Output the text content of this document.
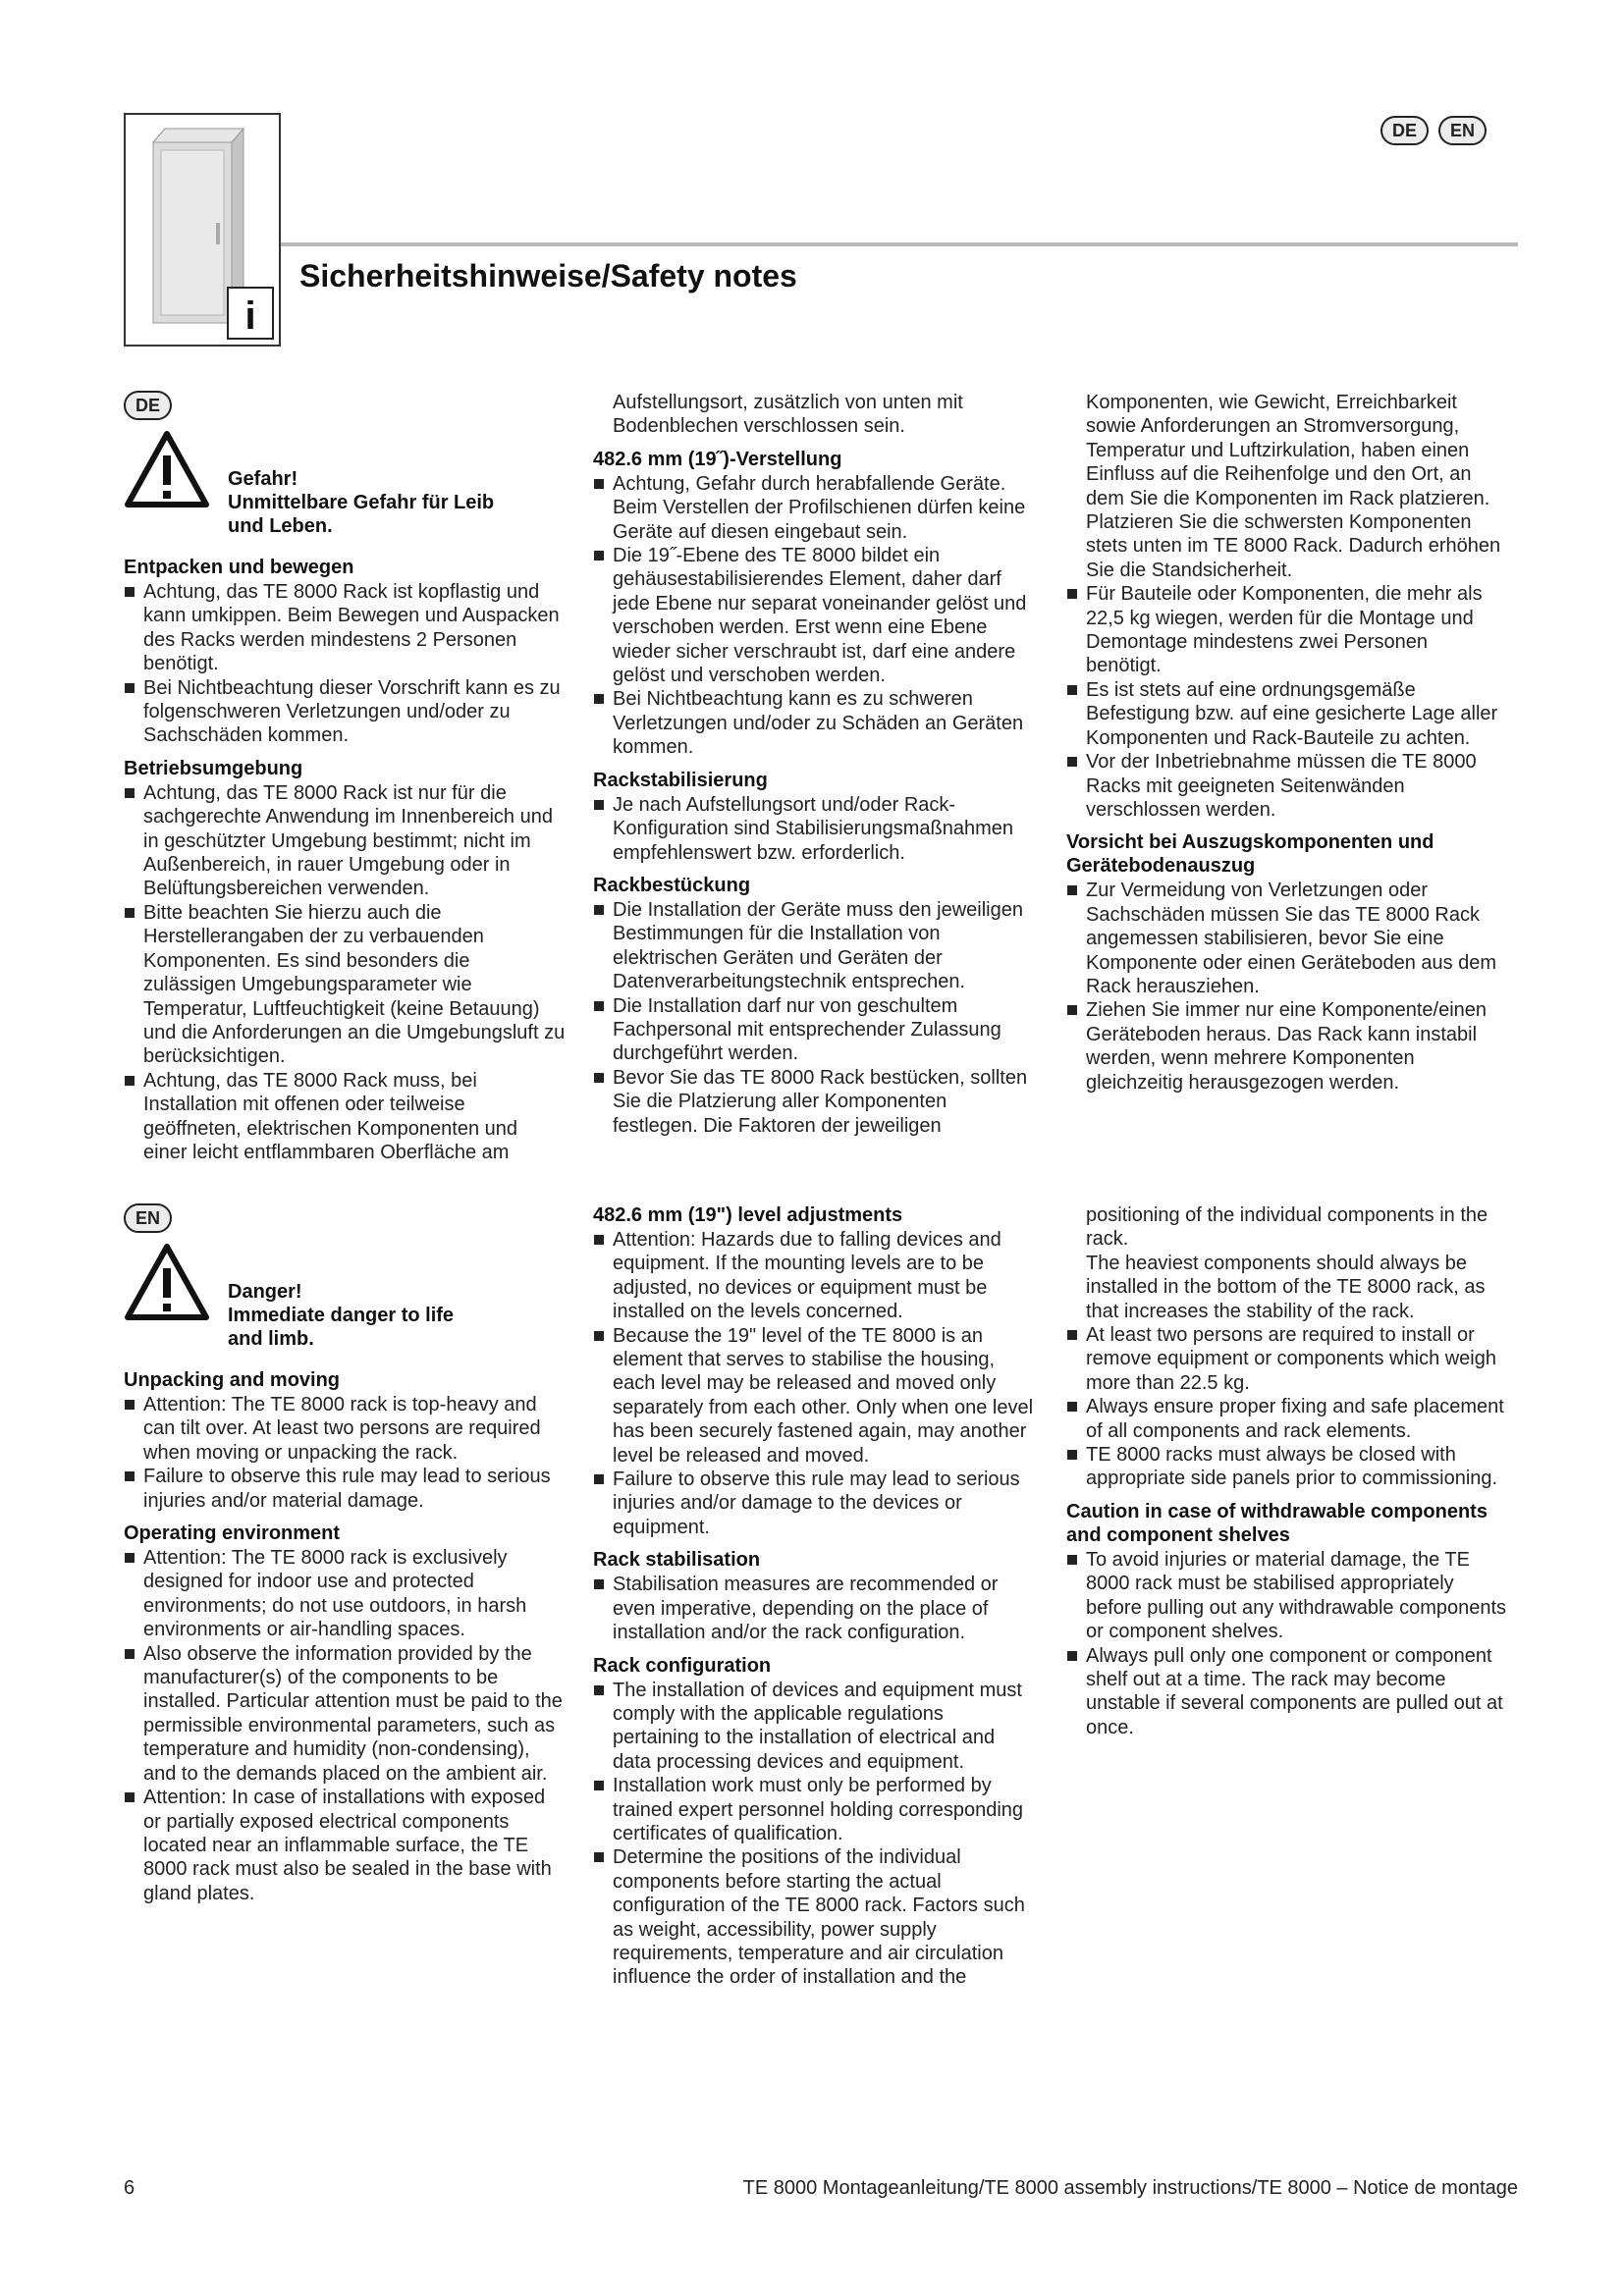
DE	EN
i
Sicherheitshinweise/Safety notes
DE
Gefahr!
Unmittelbare Gefahr für Leib
und Leben.
Entpacken und bewegen
Achtung, das TE 8000 Rack ist kopflastig und kann umkippen. Beim Bewegen und Auspacken des Racks werden mindestens 2 Personen benötigt.
Bei Nichtbeachtung dieser Vorschrift kann es zu folgenschweren Verletzungen und/oder zu Sachschäden kommen.
Betriebsumgebung
Achtung, das TE 8000 Rack ist nur für die sachgerechte Anwendung im Innenbereich und in geschützter Umgebung bestimmt; nicht im Außenbereich, in rauer Umgebung oder in Belüftungsbereichen verwenden.
Bitte beachten Sie hierzu auch die Herstellerangaben der zu verbauenden Komponenten. Es sind besonders die zulässigen Umgebungsparameter wie Temperatur, Luftfeuchtigkeit (keine Betauung) und die Anforderungen an die Umgebungsluft zu berücksichtigen.
Achtung, das TE 8000 Rack muss, bei Installation mit offenen oder teilweise geöffneten, elektrischen Komponenten und einer leicht entflammbaren Oberfläche am

Aufstellungsort, zusätzlich von unten mit Bodenblechen verschlossen sein.

482.6 mm (19˝)-Verstellung
Achtung, Gefahr durch herabfallende Geräte. Beim Verstellen der Profilschienen dürfen keine Geräte auf diesen eingebaut sein.
Die 19˝-Ebene des TE 8000 bildet ein gehäusestabilisierendes Element, daher darf jede Ebene nur separat voneinander gelöst und verschoben werden. Erst wenn eine Ebene wieder sicher verschraubt ist, darf eine andere gelöst und verschoben werden.
Bei Nichtbeachtung kann es zu schweren Verletzungen und/oder zu Schäden an Geräten kommen.
Rackstabilisierung
Je nach Aufstellungsort und/oder Rack-Konfiguration sind Stabilisierungsmaßnahmen empfehlenswert bzw. erforderlich.
Rackbestückung
Die Installation der Geräte muss den jeweiligen Bestimmungen für die Installation von elektrischen Geräten und Geräten der Datenverarbeitungstechnik entsprechen.
Die Installation darf nur von geschultem Fachpersonal mit entsprechender Zulassung durchgeführt werden.
Bevor Sie das TE 8000 Rack bestücken, sollten Sie die Platzierung aller Komponenten festlegen. Die Faktoren der jeweiligen

Komponenten, wie Gewicht, Erreichbarkeit sowie Anforderungen an Stromversorgung, Temperatur und Luftzirkulation, haben einen Einfluss auf die Reihenfolge und den Ort, an dem Sie die Komponenten im Rack platzieren.

Platzieren Sie die schwersten Komponenten stets unten im TE 8000 Rack. Dadurch erhöhen Sie die Standsicherheit.

Für Bauteile oder Komponenten, die mehr als 22,5 kg wiegen, werden für die Montage und Demontage mindestens zwei Personen benötigt.
Es ist stets auf eine ordnungsgemäße Befestigung bzw. auf eine gesicherte Lage aller Komponenten und Rack-Bauteile zu achten.
Vor der Inbetriebnahme müssen die TE 8000 Racks mit geeigneten Seitenwänden verschlossen werden.
Vorsicht bei Auszugskomponenten und Gerätebodenauszug
Zur Vermeidung von Verletzungen oder Sachschäden müssen Sie das TE 8000 Rack angemessen stabilisieren, bevor Sie eine Komponente oder einen Geräteboden aus dem Rack herausziehen.
Ziehen Sie immer nur eine Komponente/einen Geräteboden heraus. Das Rack kann instabil werden, wenn mehrere Komponenten gleichzeitig herausgezogen werden.
EN
Danger!
Immediate danger to life
and limb.
Unpacking and moving
Attention: The TE 8000 rack is top-heavy and can tilt over. At least two persons are required when moving or unpacking the rack.
Failure to observe this rule may lead to serious injuries and/or material damage.
Operating environment
Attention: The TE 8000 rack is exclusively designed for indoor use and protected environments; do not use outdoors, in harsh environments or air-handling spaces.
Also observe the information provided by the manufacturer(s) of the components to be installed. Particular attention must be paid to the permissible environmental parameters, such as temperature and humidity (non-condensing), and to the demands placed on the ambient air.
Attention: In case of installations with exposed or partially exposed electrical components located near an inflammable surface, the TE 8000 rack must also be sealed in the base with gland plates.
482.6 mm (19") level adjustments
Attention: Hazards due to falling devices and equipment. If the mounting levels are to be adjusted, no devices or equipment must be installed on the levels concerned.
Because the 19" level of the TE 8000 is an element that serves to stabilise the housing, each level may be released and moved only separately from each other. Only when one level has been securely fastened again, may another level be released and moved.
Failure to observe this rule may lead to serious injuries and/or damage to the devices or equipment.
Rack stabilisation
Stabilisation measures are recommended or even imperative, depending on the place of installation and/or the rack configuration.
Rack configuration
The installation of devices and equipment must comply with the applicable regulations pertaining to the installation of electrical and data processing devices and equipment.
Installation work must only be performed by trained expert personnel holding corresponding certificates of qualification.
Determine the positions of the individual components before starting the actual configuration of the TE 8000 rack. Factors such as weight, accessibility, power supply requirements, temperature and air circulation influence the order of installation and the

positioning of the individual components in the rack.

The heaviest components should always be installed in the bottom of the TE 8000 rack, as that increases the stability of the rack.

At least two persons are required to install or remove equipment or components which weigh more than 22.5 kg.
Always ensure proper fixing and safe placement of all components and rack elements.
TE 8000 racks must always be closed with appropriate side panels prior to commissioning.
Caution in case of withdrawable components and component shelves
To avoid injuries or material damage, the TE 8000 rack must be stabilised appropriately before pulling out any withdrawable components or component shelves.
Always pull only one component or component shelf out at a time. The rack may become unstable if several components are pulled out at once.
6	TE 8000 Montageanleitung/TE 8000 assembly instructions/TE 8000 – Notice de montage
